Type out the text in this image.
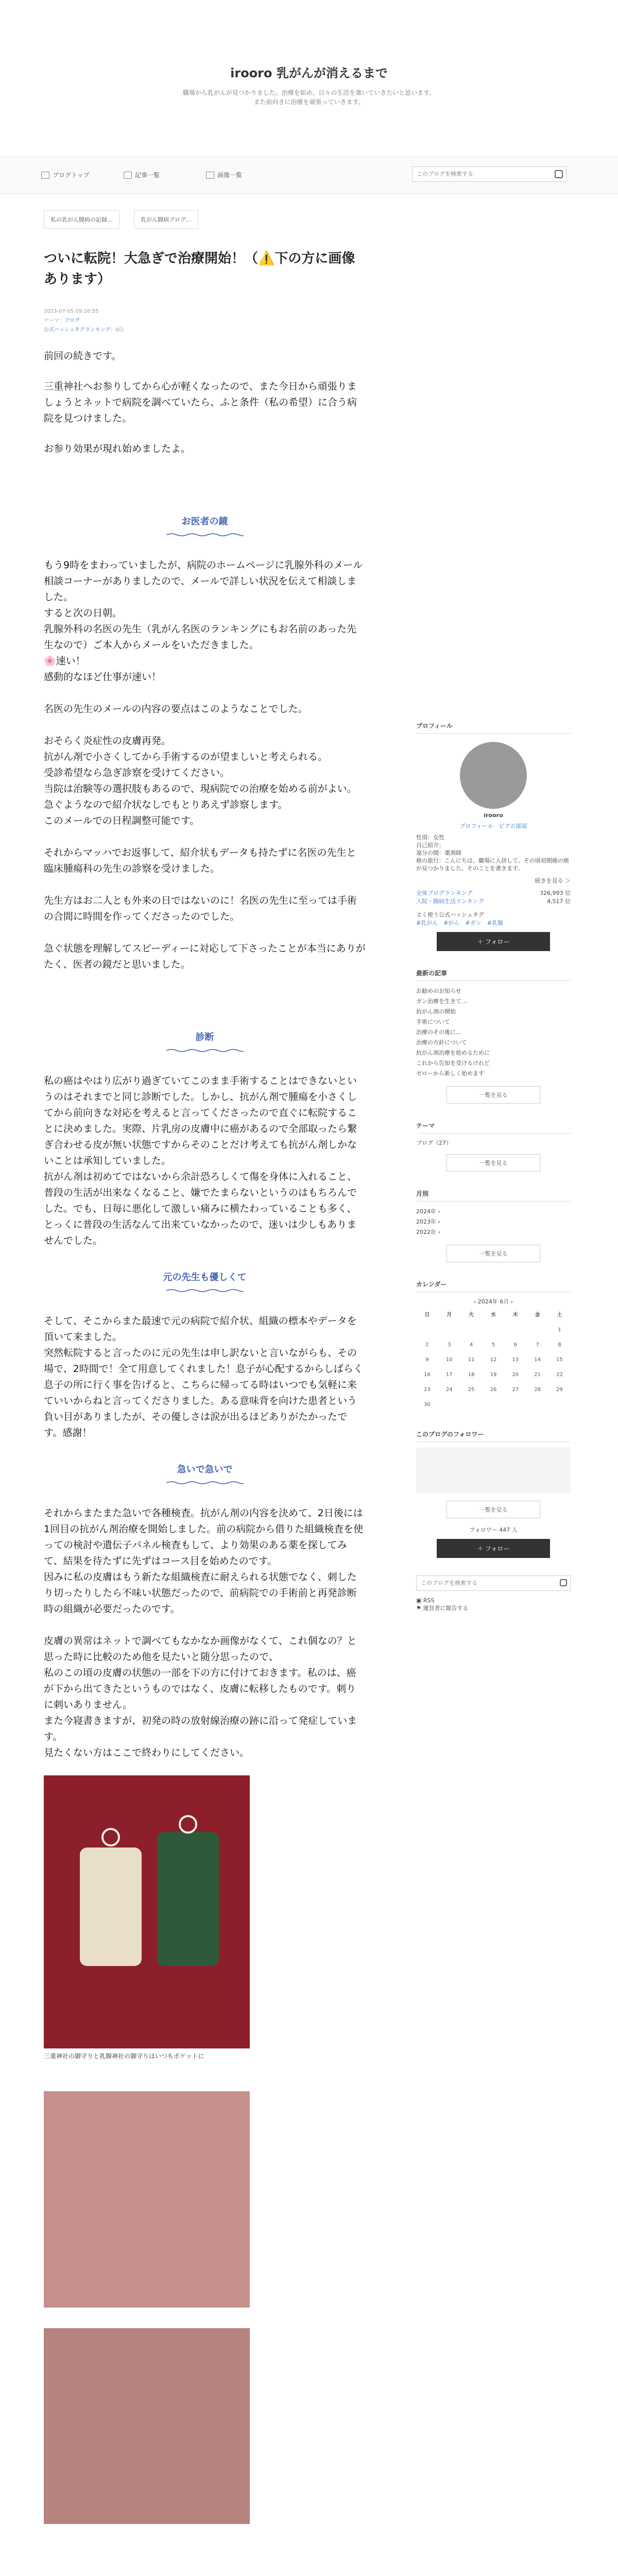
irooro 乳がんが消えるまで
職場から乳がんが見つかりました。治療を始め、日々の生活を書いていきたいと思います。
また前向きに治療を頑張っていきます。
ブログトップ	記事一覧	画像一覧
このブログを検索する
私の乳がん闘病の記録…	乳がん闘病ブログ…
ついに転院！大急ぎで治療開始！（⚠️下の方に画像あります）
2023-07-05 09:26:55
テーマ：ブログ
公式ハッシュタグランキング：6位

前回の続きです。

三重神社へお参りしてから心が軽くなったので、また今日から頑張りましょうとネットで病院を調べていたら、ふと条件（私の希望）に合う病院を見つけました。

お参り効果が現れ始めましたよ。

お医者の鏡

もう9時をまわっていましたが、病院のホームページに乳腺外科のメール相談コーナーがありましたので、メールで詳しい状況を伝えて相談しました。
すると次の日朝。
乳腺外科の名医の先生（乳がん名医のランキングにもお名前のあった先生なので）ご本人からメールをいただきました。
🌸速い！
感動的なほど仕事が速い！

名医の先生のメールの内容の要点はこのようなことでした。

おそらく炎症性の皮膚再発。
抗がん剤で小さくしてから手術するのが望ましいと考えられる。
受診希望なら急ぎ診察を受けてください。
当院は治験等の選択肢もあるので、現病院での治療を始める前がよい。
急ぐようなので紹介状なしでもとりあえず診察します。
このメールでの日程調整可能です。

それからマッハでお返事して、紹介状もデータも持たずに名医の先生と臨床腫瘍科の先生の診察を受けました。

先生方はお二人とも外来の日ではないのに！名医の先生に至っては手術の合間に時間を作ってくださったのでした。

急ぐ状態を理解してスピーディーに対応して下さったことが本当にありがたく、医者の鏡だと思いました。

診断

私の癌はやはり広がり過ぎていてこのまま手術することはできないというのはそれまでと同じ診断でした。しかし、抗がん剤で腫瘍を小さくしてから前向きな対応を考えると言ってくださったので直ぐに転院することに決めました。実際、片乳房の皮膚中に癌があるので全部取ったら繋ぎ合わせる皮が無い状態ですからそのことだけ考えても抗がん剤しかないことは承知していました。
抗がん剤は初めてではないから余計恐ろしくて傷を身体に入れること、普段の生活が出来なくなること、嫌でたまらないというのはもちろんでした。でも、日毎に悪化して激しい痛みに横たわっていることも多く、とっくに普段の生活なんて出来ていなかったので、迷いは少しもありませんでした。

元の先生も優しくて

そして、そこからまた最速で元の病院で紹介状、組織の標本やデータを頂いて来ました。
突然転院すると言ったのに元の先生は申し訳ないと言いながらも、その場で、2時間で！全て用意してくれました！息子が心配するからしばらく息子の所に行く事を告げると、こちらに帰ってる時はいつでも気軽に来ていいからねと言ってくださりました。ある意味背を向けた患者という負い目がありましたが、その優しさは涙が出るほどありがたかったです。感謝！

急いで急いで

それからまたまた急いで各種検査。抗がん剤の内容を決めて、2日後には1回目の抗がん剤治療を開始しました。前の病院から借りた組織検査を使っての検討や遺伝子パネル検査もして、より効果のある薬を探してみて、結果を待たずに先ずはコース目を始めたのです。
因みに私の皮膚はもう新たな組織検査に耐えられる状態でなく、刺したり切ったりしたら不味い状態だったので、前病院での手術前と再発診断時の組織が必要だったのです。

皮膚の異常はネットで調べてもなかなか画像がなくて、これ個なの？と思った時に比較のため他を見たいと随分思ったので、
私のこの頃の皮膚の状態の一部を下の方に付けておきます。私のは、癌が下から出てきたというものではなく、皮膚に転移したものです。刺りに刺いありません。
また今寝書きますが、初発の時の放射線治療の跡に沿って発症しています。
見たくない方はここで終わりにしてください。

三重神社の御守りと乳腺神社の御守りはいつもポケットに
プロフィール
irooro
プロフィール　ピグの部屋
性別：女性
自己紹介：
遠分の間：薬剤師
癌の旅行：こんにちは。職場に入居して、その頃初期癌の癌が見つかりました。そのことを書きます。
続きを見る ＞
全体ブログランキング	326,993 位
入院・闘病生活ランキング	4,517 位
よく使う公式ハッシュタグ
#乳がん　#がん　#ガン　#乳腺
＋ フォロー
最新の記事
お勧めのお知らせ
ガン治療を生きて…
抗がん剤の開始
手術について
治療のその後に…
治療の方針について
抗がん剤治療を始めるために
これから告知を受けるけれど
ゼローから新しく始めます
一覧を見る
テーマ
ブログ（27）
一覧を見る
月別
2024年 ›
2023年 ›
2022年 ›
一覧を見る
カレンダー
‹ 2024年 6月 ›
日	月	火	水	木	金	土
						1
2	3	4	5	6	7	8
9	10	11	12	13	14	15
16	17	18	19	20	21	22
23	24	25	26	27	28	29
30						
このブログのフォロワー
一覧を見る
フォロワー 447 人
＋ フォロー
このブログを検索する
▣ RSS
⚑ 運営者に報告する
